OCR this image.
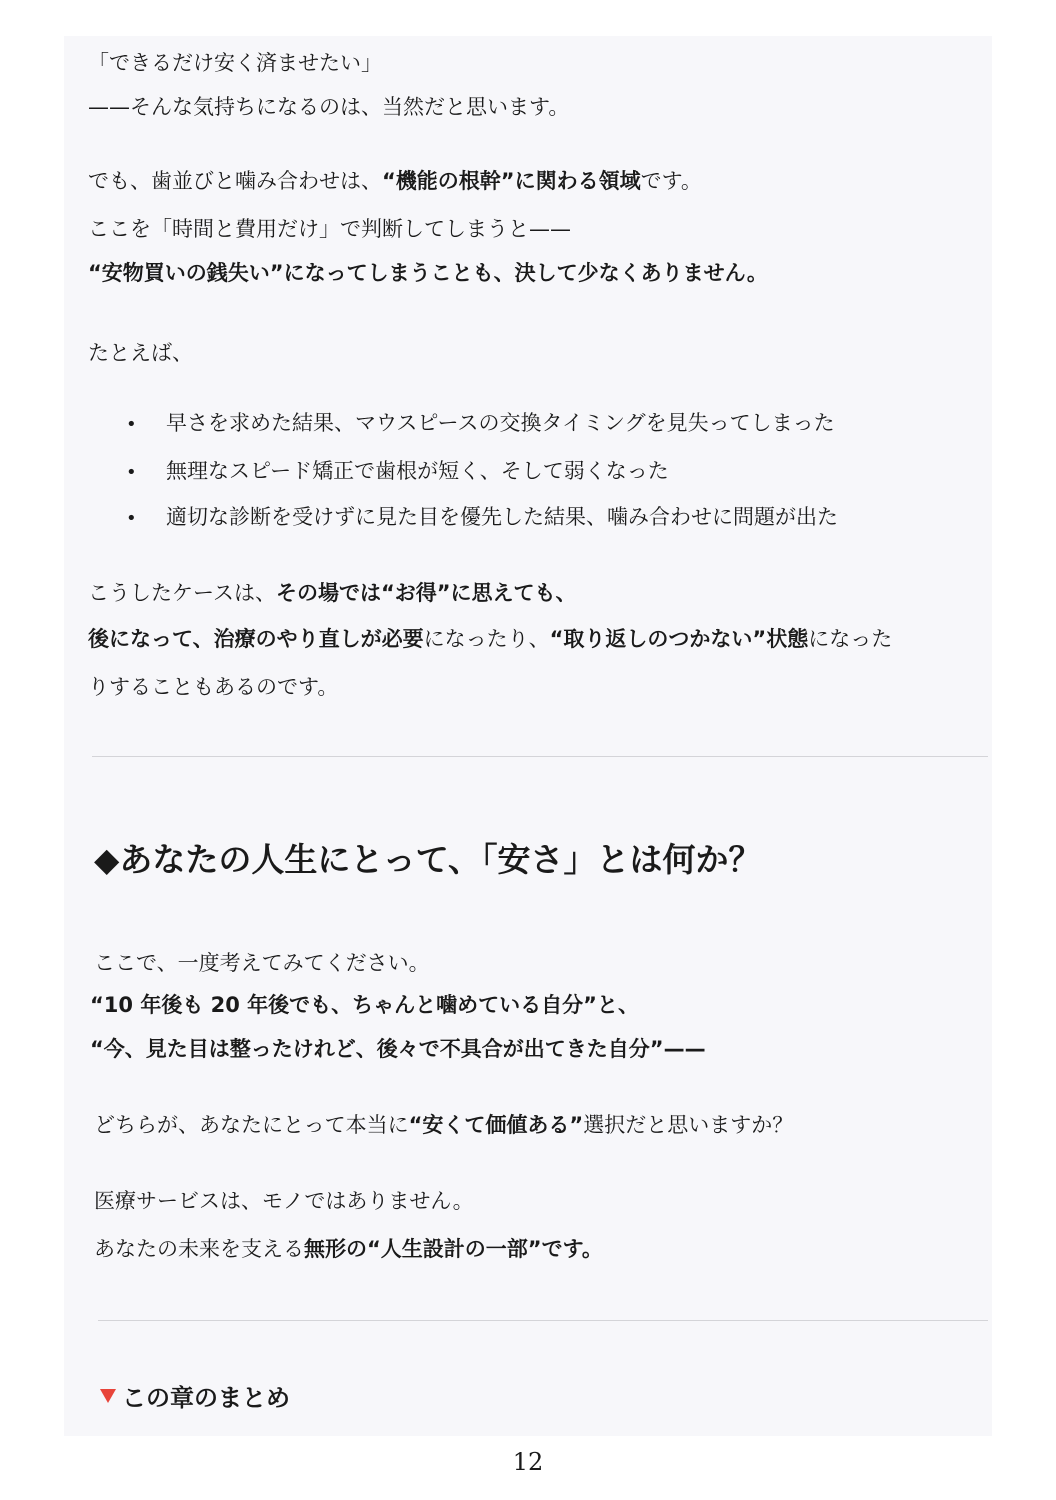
「できるだけ安く済ませたい」

——そんな気持ちになるのは、当然だと思います。

でも、歯並びと噛み合わせは、“機能の根幹”に関わる領域です。

ここを「時間と費用だけ」で判断してしまうと——

“安物買いの銭失い”になってしまうことも、決して少なくありません。

たとえば、

• 早さを求めた結果、マウスピースの交換タイミングを見失ってしまった
• 無理なスピード矯正で歯根が短く、そして弱くなった
• 適切な診断を受けずに見た目を優先した結果、噛み合わせに問題が出た

こうしたケースは、その場では“お得”に思えても、

後になって、治療のやり直しが必要になったり、“取り返しのつかない”状態になった

りすることもあるのです。

◆あなたの人生にとって、「安さ」とは何か？

ここで、一度考えてみてください。

“10 年後も 20 年後でも、ちゃんと噛めている自分”と、

“今、見た目は整ったけれど、後々で不具合が出てきた自分”——

どちらが、あなたにとって本当に“安くて価値ある”選択だと思いますか？

医療サービスは、モノではありません。

あなたの未来を支える無形の“人生設計の一部”です。

この章のまとめ
12
